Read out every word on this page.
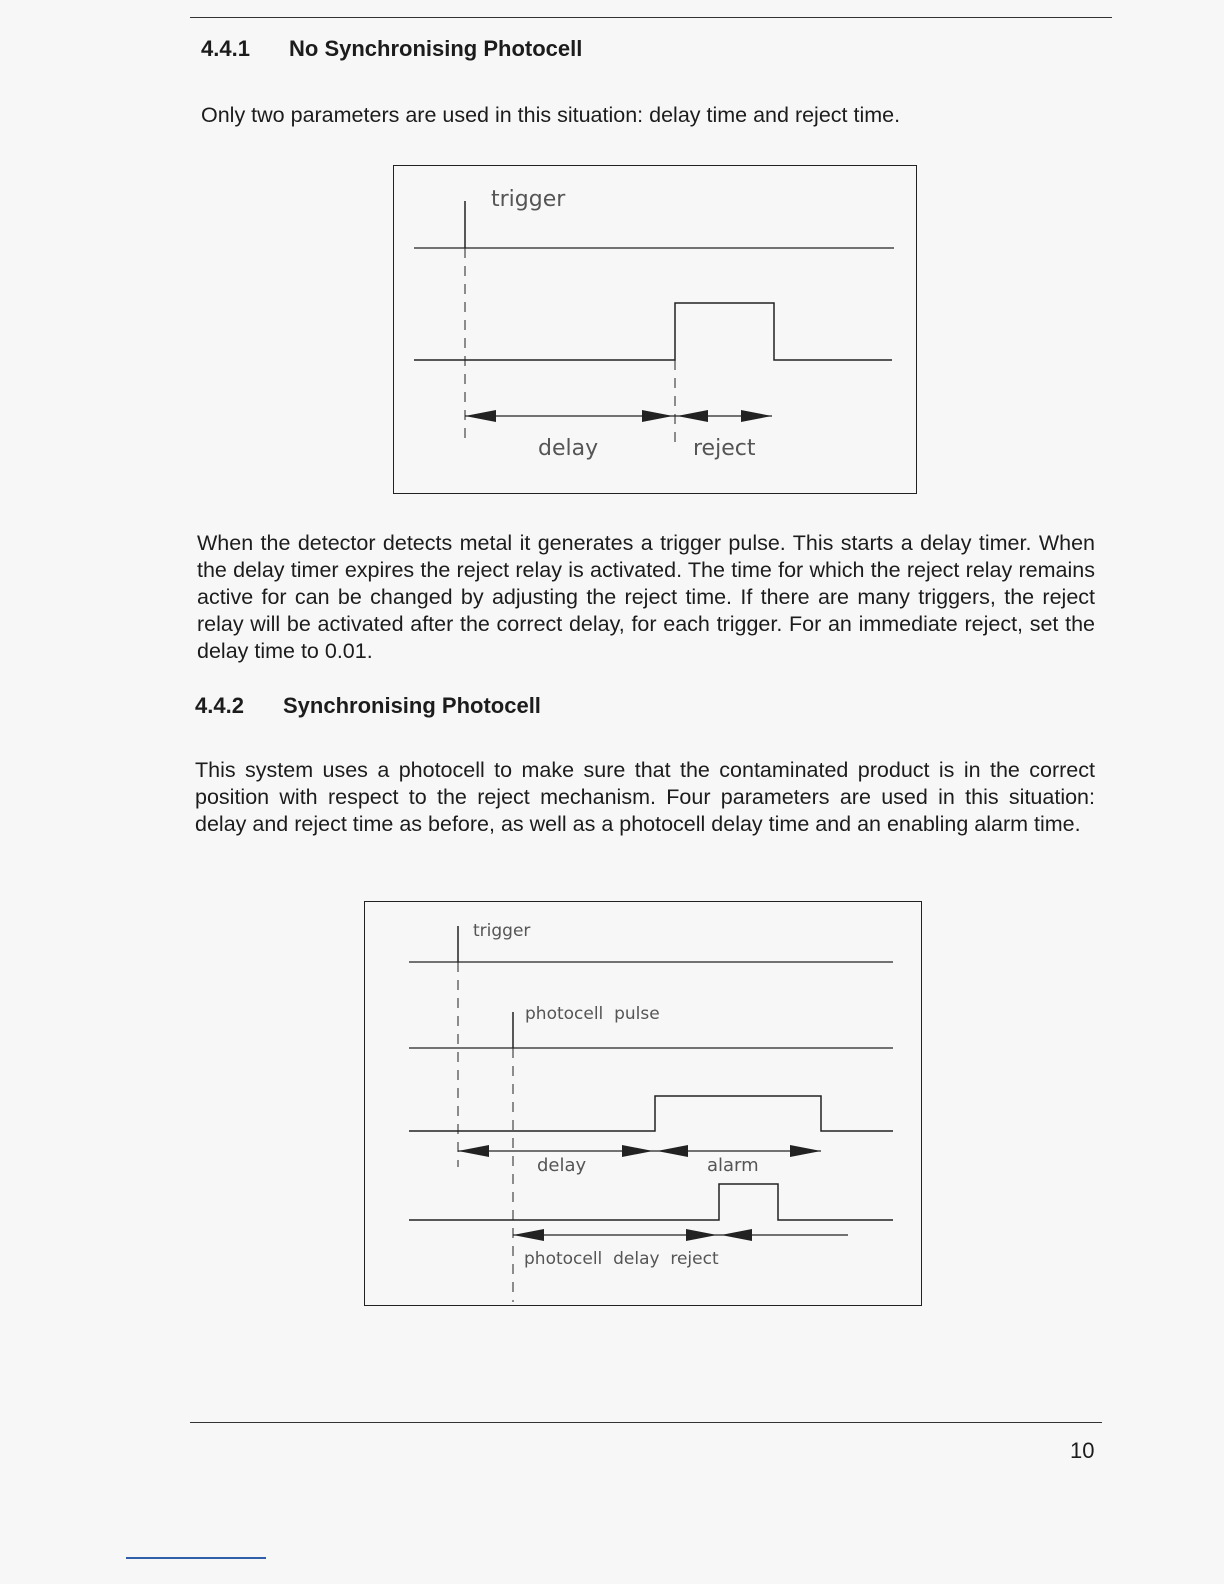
4.4.1 No Synchronising Photocell

Only two parameters are used in this situation: delay time and reject time.

trigger
delay	reject

When the detector detects metal it generates a trigger pulse. This starts a delay timer. When the delay timer expires the reject relay is activated. The time for which the reject relay remains active for can be changed by adjusting the reject time. If there are many triggers, the reject relay will be activated after the correct delay, for each trigger. For an immediate reject, set the delay time to 0.01.

4.4.2 Synchronising Photocell

This system uses a photocell to make sure that the contaminated product is in the correct position with respect to the reject mechanism. Four parameters are used in this situation: delay and reject time as before, as well as a photocell delay time and an enabling alarm time.

trigger
photocell  pulse
delay	alarm
photocell  delay  reject
10
